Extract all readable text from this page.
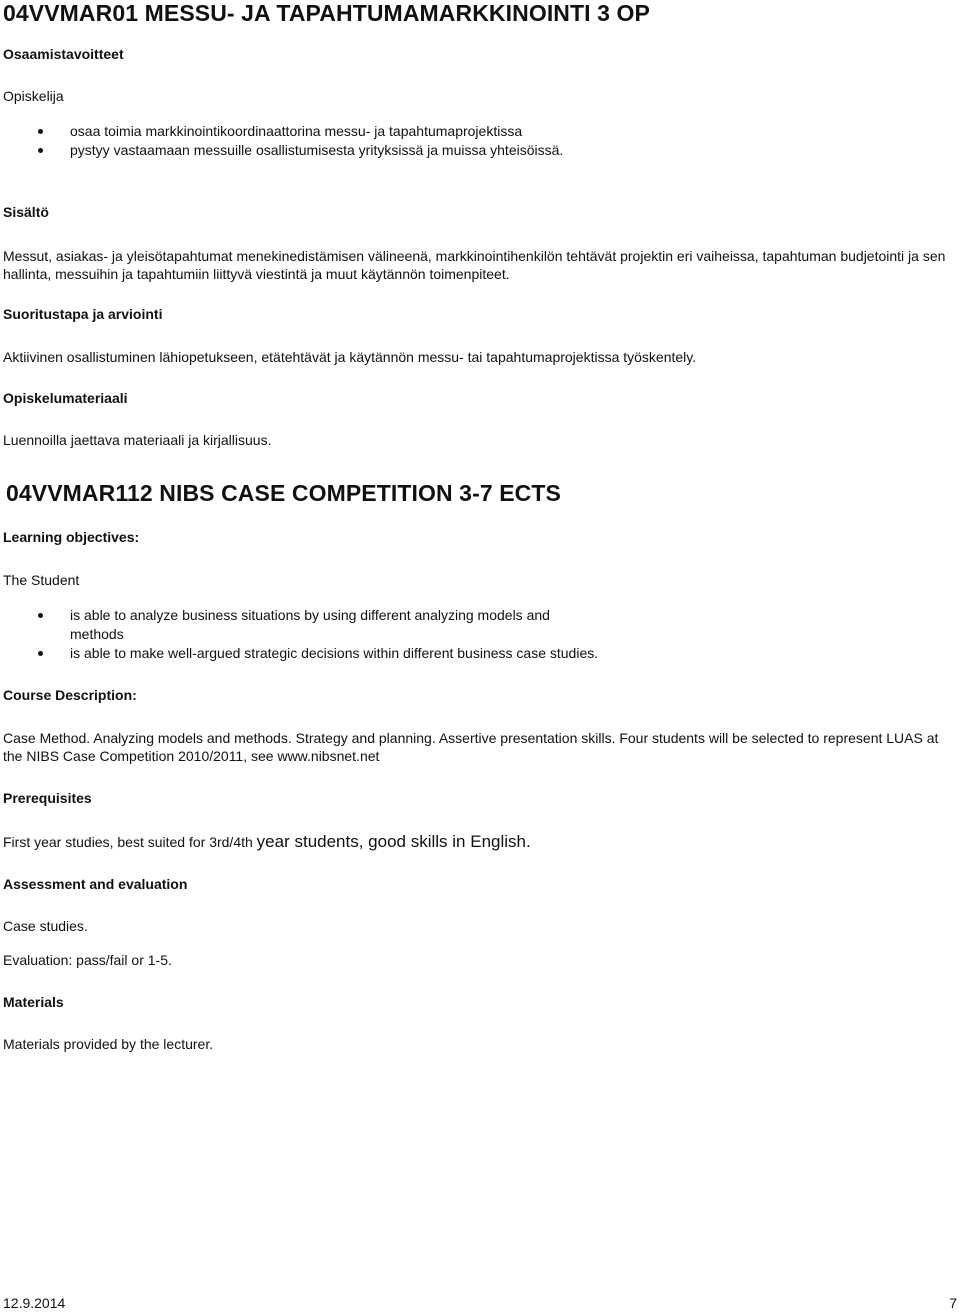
04VVMAR01 MESSU- JA TAPAHTUMAMARKKINOINTI 3 OP
Osaamistavoitteet
Opiskelija
osaa toimia markkinointikoordinaattorina messu- ja tapahtumaprojektissa
pystyy vastaamaan messuille osallistumisesta yrityksissä ja muissa yhteisöissä.
Sisältö
Messut, asiakas- ja yleisötapahtumat menekinedistämisen välineenä, markkinointihenkilön tehtävät projektin eri vaiheissa, tapahtuman budjetointi ja sen hallinta, messuihin ja tapahtumiin liittyvä viestintä ja muut käytännön toimenpiteet.
Suoritustapa ja arviointi
Aktiivinen osallistuminen lähiopetukseen, etätehtävät ja käytännön messu- tai tapahtumaprojektissa työskentely.
Opiskelumateriaali
Luennoilla jaettava materiaali ja kirjallisuus.
04VVMAR112 NIBS CASE COMPETITION 3-7 ECTS
Learning objectives:
The Student
is able to analyze business situations by using different analyzing models and methods
is able to make well-argued strategic decisions within different business case studies.
Course Description:
Case Method. Analyzing models and methods. Strategy and planning. Assertive presentation skills. Four students will be selected to represent LUAS at the NIBS Case Competition 2010/2011, see www.nibsnet.net
Prerequisites
First year studies, best suited for 3rd/4th year students, good skills in English.
Assessment and evaluation
Case studies.
Evaluation: pass/fail or 1-5.
Materials
Materials provided by the lecturer.
12.9.2014	7
